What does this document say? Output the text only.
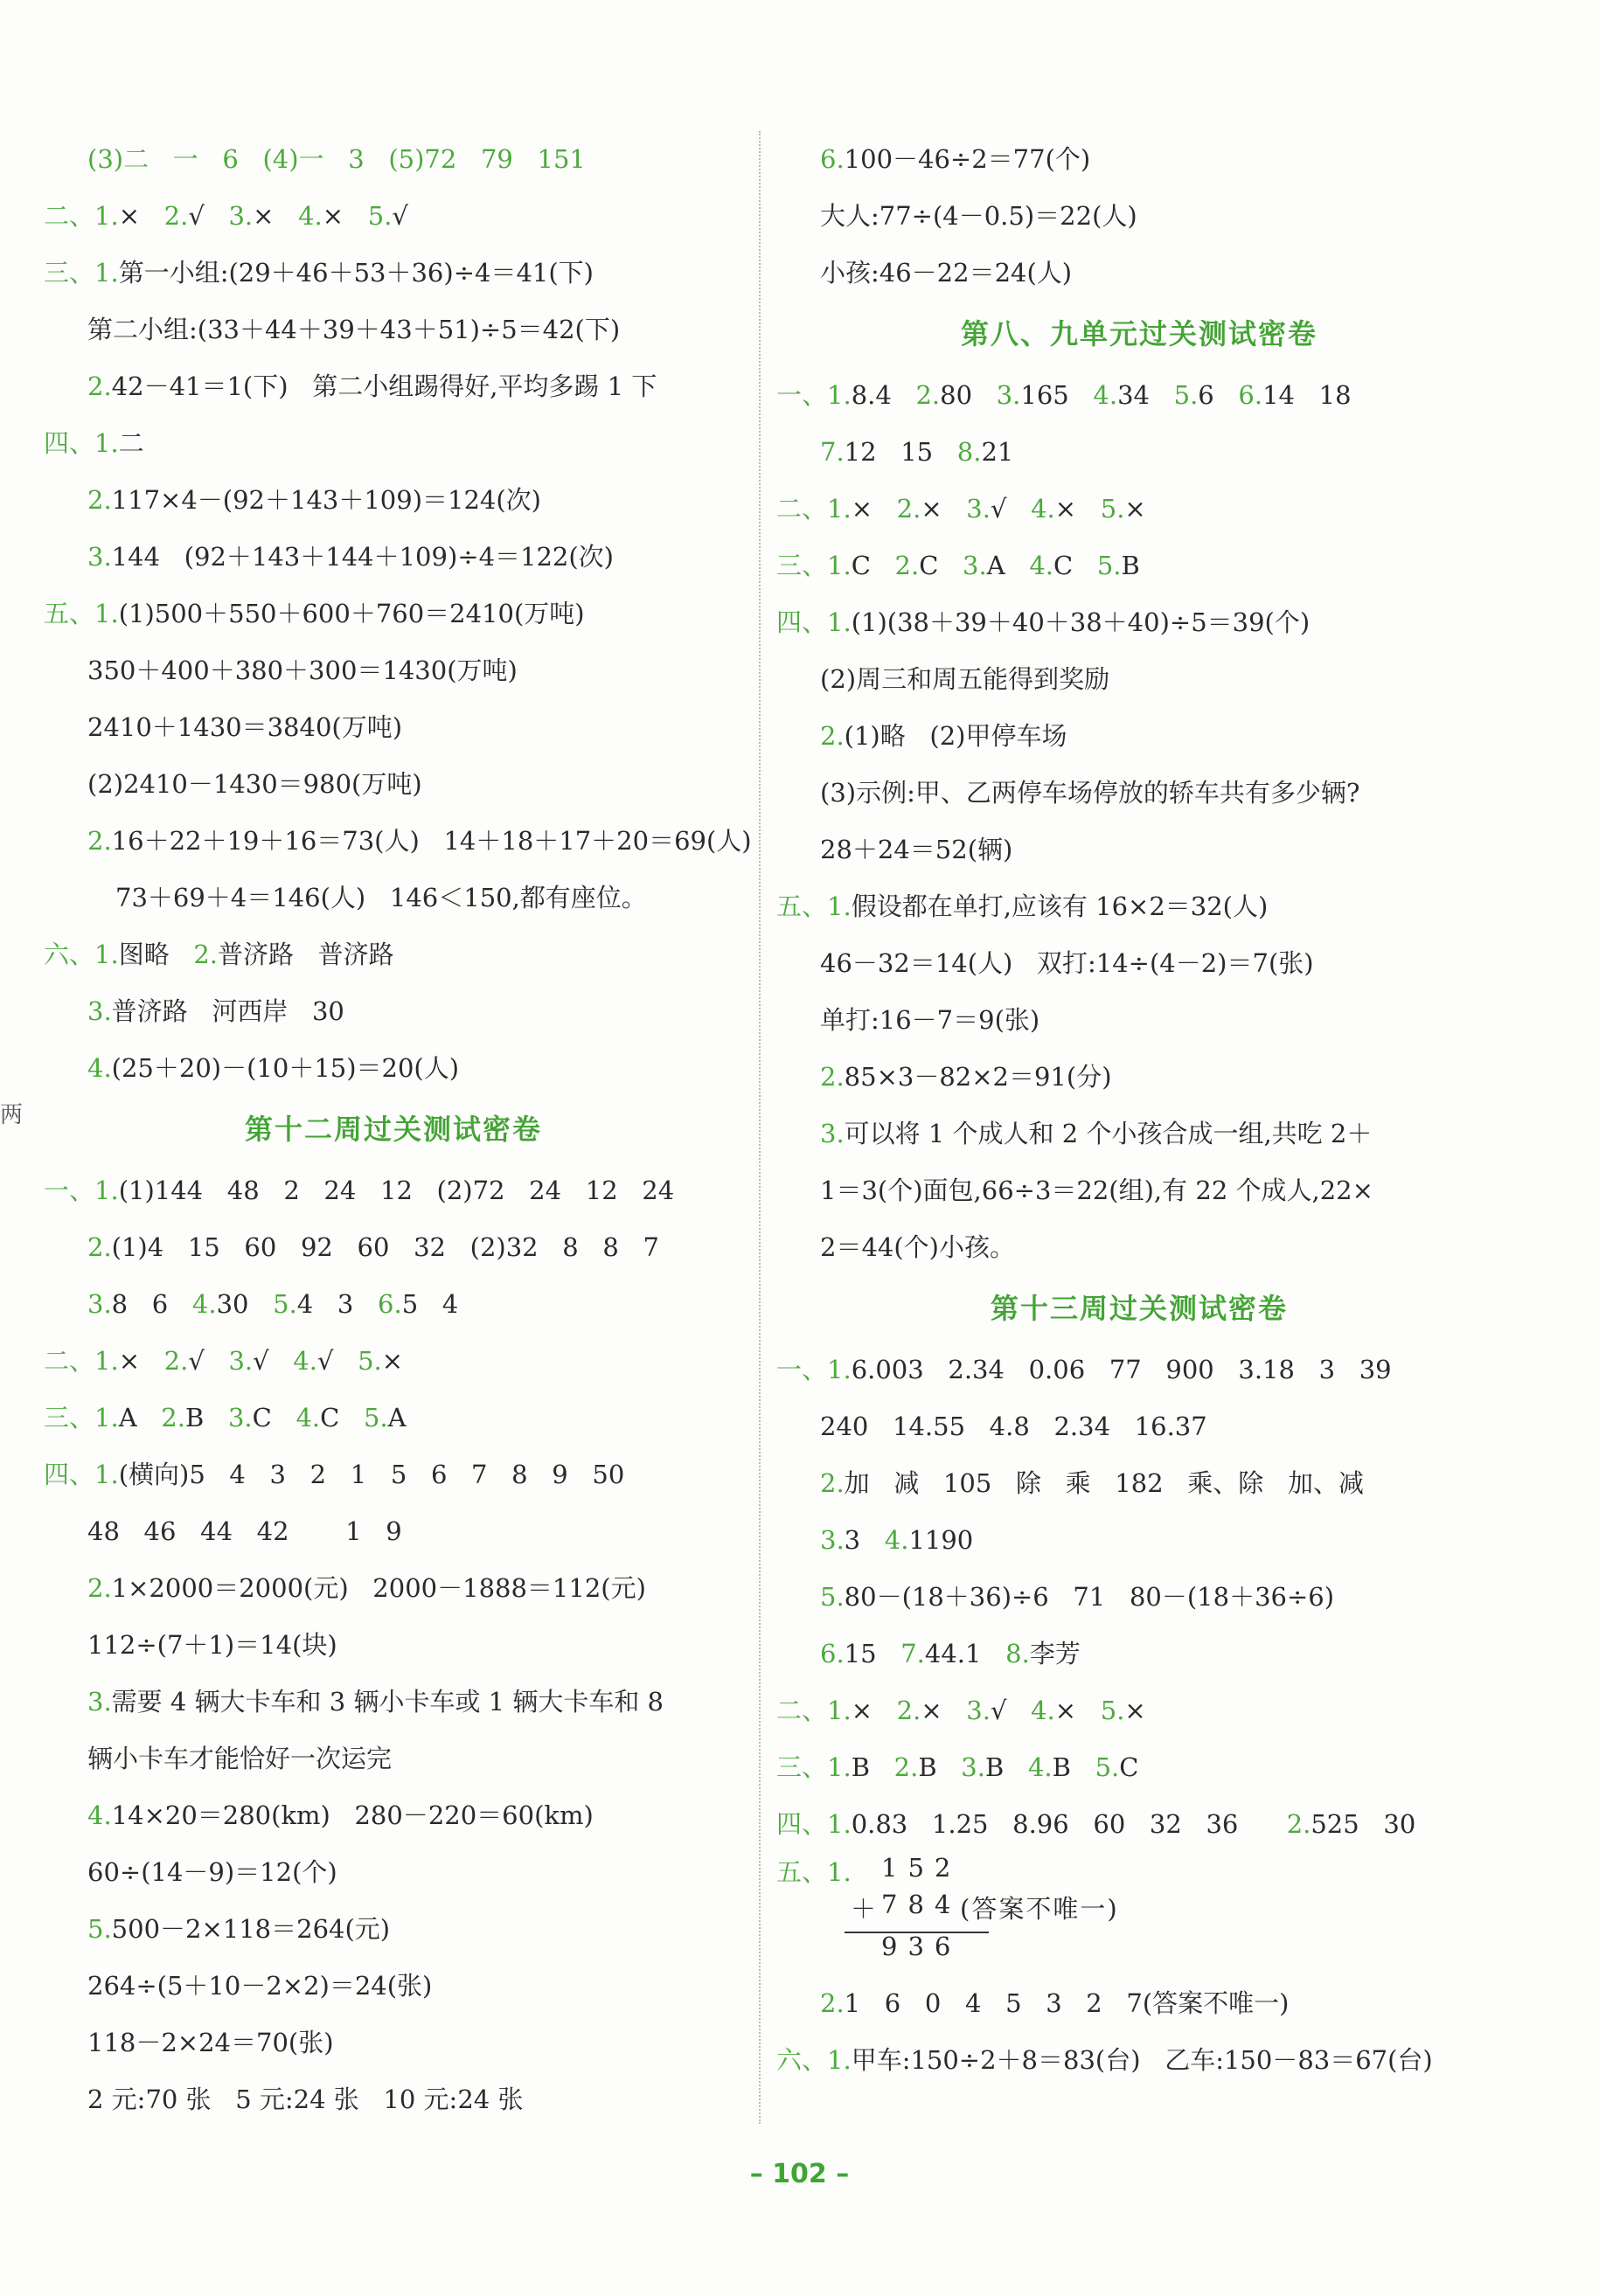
(3)二   一   6   (4)一   3   (5)72   79   151
二、1.×   2.√   3.×   4.×   5.√
三、1.第一小组:(29＋46＋53＋36)÷4＝41(下)
第二小组:(33＋44＋39＋43＋51)÷5＝42(下)
2.42－41＝1(下)   第二小组踢得好,平均多踢 1 下
四、1.二
2.117×4－(92＋143＋109)＝124(次)
3.144   (92＋143＋144＋109)÷4＝122(次)
五、1.(1)500＋550＋600＋760＝2410(万吨)
350＋400＋380＋300＝1430(万吨)
2410＋1430＝3840(万吨)
(2)2410－1430＝980(万吨)
2.16＋22＋19＋16＝73(人)   14＋18＋17＋20＝69(人)
73＋69＋4＝146(人)   146＜150,都有座位。
六、1.图略   2.普济路   普济路
3.普济路   河西岸   30
4.(25＋20)－(10＋15)＝20(人)
第十二周过关测试密卷
一、1.(1)144   48   2   24   12   (2)72   24   12   24
2.(1)4   15   60   92   60   32   (2)32   8   8   7
3.8   6   4.30   5.4   3   6.5   4
二、1.×   2.√   3.√   4.√   5.×
三、1.A   2.B   3.C   4.C   5.A
四、1.(横向)5   4   3   2   1   5   6   7   8   9   50
48   46   44   42       1   9
2.1×2000＝2000(元)   2000－1888＝112(元)
112÷(7＋1)＝14(块)
3.需要 4 辆大卡车和 3 辆小卡车或 1 辆大卡车和 8
辆小卡车才能恰好一次运完
4.14×20＝280(km)   280－220＝60(km)
60÷(14－9)＝12(个)
5.500－2×118＝264(元)
264÷(5＋10－2×2)＝24(张)
118－2×24＝70(张)
2 元:70 张   5 元:24 张   10 元:24 张
6.100－46÷2＝77(个)
大人:77÷(4－0.5)＝22(人)
小孩:46－22＝24(人)
第八、九单元过关测试密卷
一、1.8.4   2.80   3.165   4.34   5.6   6.14   18
7.12   15   8.21
二、1.×   2.×   3.√   4.×   5.×
三、1.C   2.C   3.A   4.C   5.B
四、1.(1)(38＋39＋40＋38＋40)÷5＝39(个)
(2)周三和周五能得到奖励
2.(1)略   (2)甲停车场
(3)示例:甲、乙两停车场停放的轿车共有多少辆?
28＋24＝52(辆)
五、1.假设都在单打,应该有 16×2＝32(人)
46－32＝14(人)   双打:14÷(4－2)＝7(张)
单打:16－7＝9(张)
2.85×3－82×2＝91(分)
3.可以将 1 个成人和 2 个小孩合成一组,共吃 2＋
1＝3(个)面包,66÷3＝22(组),有 22 个成人,22×
2＝44(个)小孩。
第十三周过关测试密卷
一、1.6.003   2.34   0.06   77   900   3.18   3   39
240   14.55   4.8   2.34   16.37
2.加   减   105   除   乘   182   乘、除   加、减
3.3   4.1190
5.80－(18＋36)÷6   71   80－(18＋36÷6)
6.15   7.44.1   8.李芳
二、1.×   2.×   3.√   4.×   5.×
三、1.B   2.B   3.B   4.B   5.C
四、1.0.83   1.25   8.96   60   32   36      2.525   30
五、1. 152
＋
784
(答案不唯一)
936
2.1   6   0   4   5   3   2   7(答案不唯一)
六、1.甲车:150÷2＋8＝83(台)   乙车:150－83＝67(台)
两
– 102 –
